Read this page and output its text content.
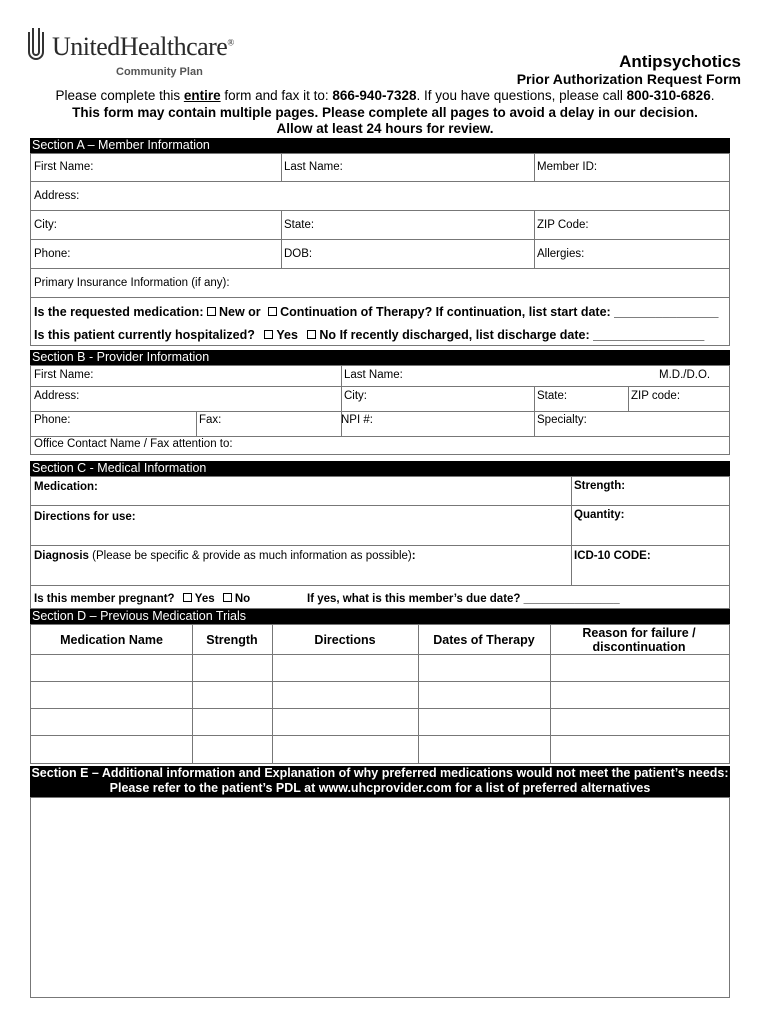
UnitedHealthcare®
Community Plan
Antipsychotics
Prior Authorization Request Form
Please complete this entire form and fax it to: 866-940-7328. If you have questions, please call 800-310-6826.
This form may contain multiple pages. Please complete all pages to avoid a delay in our decision.
Allow at least 24 hours for review.
Section A – Member Information
First Name:	Last Name:	Member ID:
Address:
City:	State:	ZIP Code:
Phone:	DOB:	Allergies:
Primary Insurance Information (if any):
Is the requested medication: New or Continuation of Therapy? If continuation, list start date: _______________
Is this patient currently hospitalized? Yes No If recently discharged, list discharge date: ________________
Section B - Provider Information
First Name:	Last Name:	M.D./D.O.
Address:	City:	State:	ZIP code:
Phone:	Fax:	NPI #:	Specialty:
Office Contact Name / Fax attention to:
Section C - Medical Information
Medication:	Strength:
Directions for use:	Quantity:
Diagnosis (Please be specific & provide as much information as possible):	ICD-10 CODE:
Is this member pregnant? Yes No	If yes, what is this member’s due date? _______________
Section D – Previous Medication Trials
Medication Name	Strength	Directions	Dates of Therapy	Reason for failure / discontinuation
Section E – Additional information and Explanation of why preferred medications would not meet the patient’s needs:
Please refer to the patient’s PDL at www.uhcprovider.com for a list of preferred alternatives
